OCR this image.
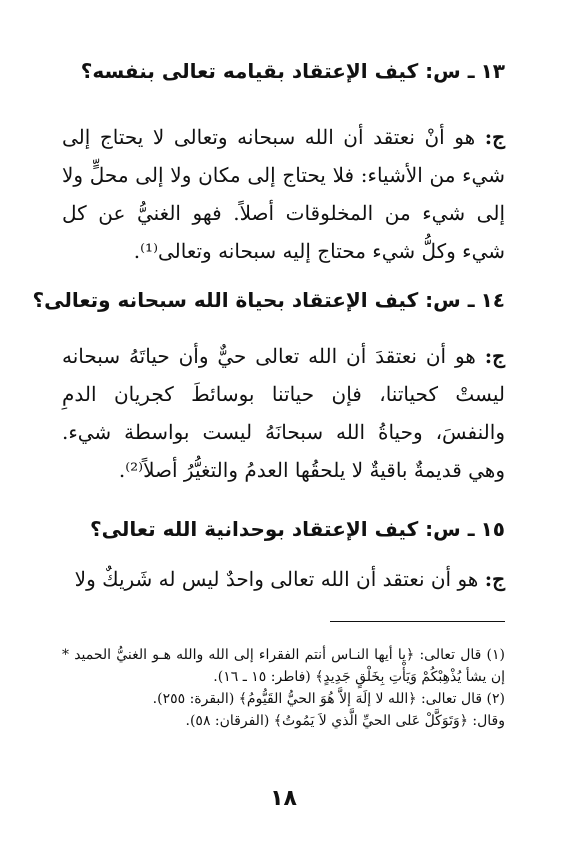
١٣ـ س: كيف الإعتقاد بقيامه تعالى بنفسه؟

ج: هو أنْ نعتقد أن الله سبحانه وتعالى لا يحتاج إلى شيء من الأشياء: فلا يحتاج إلى مكان ولا إلى محلٍّ ولا إلى شيء من المخلوقات أصلاً. فهو الغنيُّ عن كل شيء وكلُّ شيء محتاج إليه سبحانه وتعالى⁽¹⁾.

١٤ـ س: كيف الإعتقاد بحياة الله سبحانه وتعالى؟

ج: هو أن نعتقدَ أن الله تعالى حيٌّ وأن حياتَهُ سبحانه ليستْ كحياتنا، فإن حياتنا بوسائطَ كجريان الدمِ والنفسَ، وحياةُ الله سبحانَهُ ليست بواسطة شيء. وهي قديمةٌ باقيةٌ لا يلحقُها العدمُ والتغيُّرُ أصلاً⁽²⁾.

١٥ـ س: كيف الإعتقاد بوحدانية الله تعالى؟

ج: هو أن نعتقد أن الله تعالى واحدٌ ليس له شَريكٌ ولا

(١) قال تعالى: ﴿يا أيها النـاس أنتم الفقراء إلى الله والله هـو الغنيُّ الحميد * إن يشأ يُذْهِبْكُمْ وَيَأْتِ بِخَلْقٍ جَدِيدٍ﴾ (فاطر: ١٥ ـ ١٦).

(٢) قال تعالى: ﴿الله لا إلَهَ إلاَّ هُوَ الحيُّ القَيُّومُ﴾ (البقرة: ٢٥٥).

وقال: ﴿وَتَوَكَّلْ عَلى الحيِّ الَّذي لاَ يَمُوتُ﴾ (الفرقان: ٥٨).

١٨
